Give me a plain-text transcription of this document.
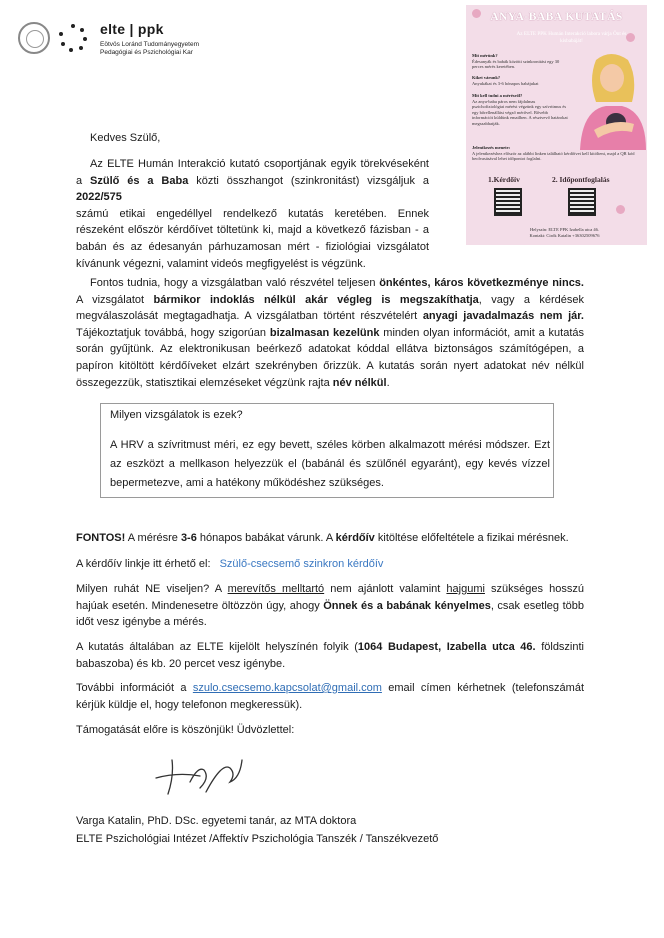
elte | ppk
Eötvös Loránd Tudományegyetem
Pedagógiai és Pszichológiai Kar
ANYA-BABA KUTATÁS
Az ELTE PPK Humán Interakció labora várja Önt és kisbabáját!
Mit mérünk?
Édesanyák és babák közötti szinkronitást egy 30 perces mérés keretében.
Kiket várunk?
Anyukákat és 3-6 hónapos babájukat
Mit kell tudni a mérésről?
Az anya-baba páros nem fájdalmas pszichofiziológiai mérést végzünk egy szívritmus és egy bőrellenállást végző mérővel. Bővebb információt küldünk emailben. A résztvevő határokat megszabhatják.
Jelentkezés menete:
A jelentkezéshez először az alábbi linken található kérdőívet kell kitölteni, majd a QR kód beolvasásával lehet időpontot foglalni.
1.Kérdőív	2. Időpontfoglalás
Helyszín: ELTE PPK Izabella utca 46.
Kontakt: Cirók Katalin +36302509676
Kedves Szülő,
Az ELTE Humán Interakció kutató csoportjának egyik törekvéseként
a Szülő és a Baba közti összhangot (szinkronitást) vizsgáljuk a 2022/575
számú etikai engedéllyel rendelkező kutatás keretében. Ennek
részeként először kérdőívet töltetünk ki, majd a következő fázisban - a
babán és az édesanyán párhuzamosan mért - fiziológiai vizsgálatot
kívánunk végezni, valamint videós megfigyelést is végzünk.
Fontos tudnia, hogy a vizsgálatban való részvétel teljesen önkéntes, káros következménye nincs.
A vizsgálatot bármikor indoklás nélkül akár végleg is megszakíthatja, vagy a kérdések
megválaszolását megtagadhatja. A vizsgálatban történt részvételért anyagi javadalmazás nem jár.
Tájékoztatjuk továbbá, hogy szigorúan bizalmasan kezelünk minden olyan információt, amit a kutatás
során gyűjtünk. Az elektronikusan beérkező adatokat kóddal ellátva biztonságos számítógépen, a
papíron kitöltött kérdőíveket elzárt szekrényben őrizzük. A kutatás során nyert adatokat név nélkül
összegezzük, statisztikai elemzéseket végzünk rajta név nélkül.
Milyen vizsgálatok is ezek?
A HRV a szívritmust méri, ez egy bevett, széles körben alkalmazott mérési módszer. Ezt
az eszközt a mellkason helyezzük el (babánál és szülőnél egyaránt), egy kevés vízzel
bepermetezve, ami a hatékony működéshez szükséges.
FONTOS! A mérésre 3-6 hónapos babákat várunk. A kérdőív kitöltése előfeltétele a fizikai mérésnek.
A kérdőív linkje itt érhető el: Szülő-csecsemő szinkron kérdőív
Milyen ruhát NE viseljen? A merevítős melltartó nem ajánlott valamint hajgumi szükséges hosszú
hajúak esetén. Mindenesetre öltözzön úgy, ahogy Önnek és a babának kényelmes, csak esetleg több
időt vesz igénybe a mérés.
A kutatás általában az ELTE kijelölt helyszínén folyik (1064 Budapest, Izabella utca 46. földszinti
babaszoba) és kb. 20 percet vesz igénybe.
További információt a szulo.csecsemo.kapcsolat@gmail.com email címen kérhetnek (telefonszámát
kérjük küldje el, hogy telefonon megkeressük).
Támogatását előre is köszönjük! Üdvözlettel:
Varga Katalin, PhD. DSc. egyetemi tanár, az MTA doktora
ELTE Pszichológiai Intézet /Affektív Pszichológia Tanszék / Tanszékvezető
